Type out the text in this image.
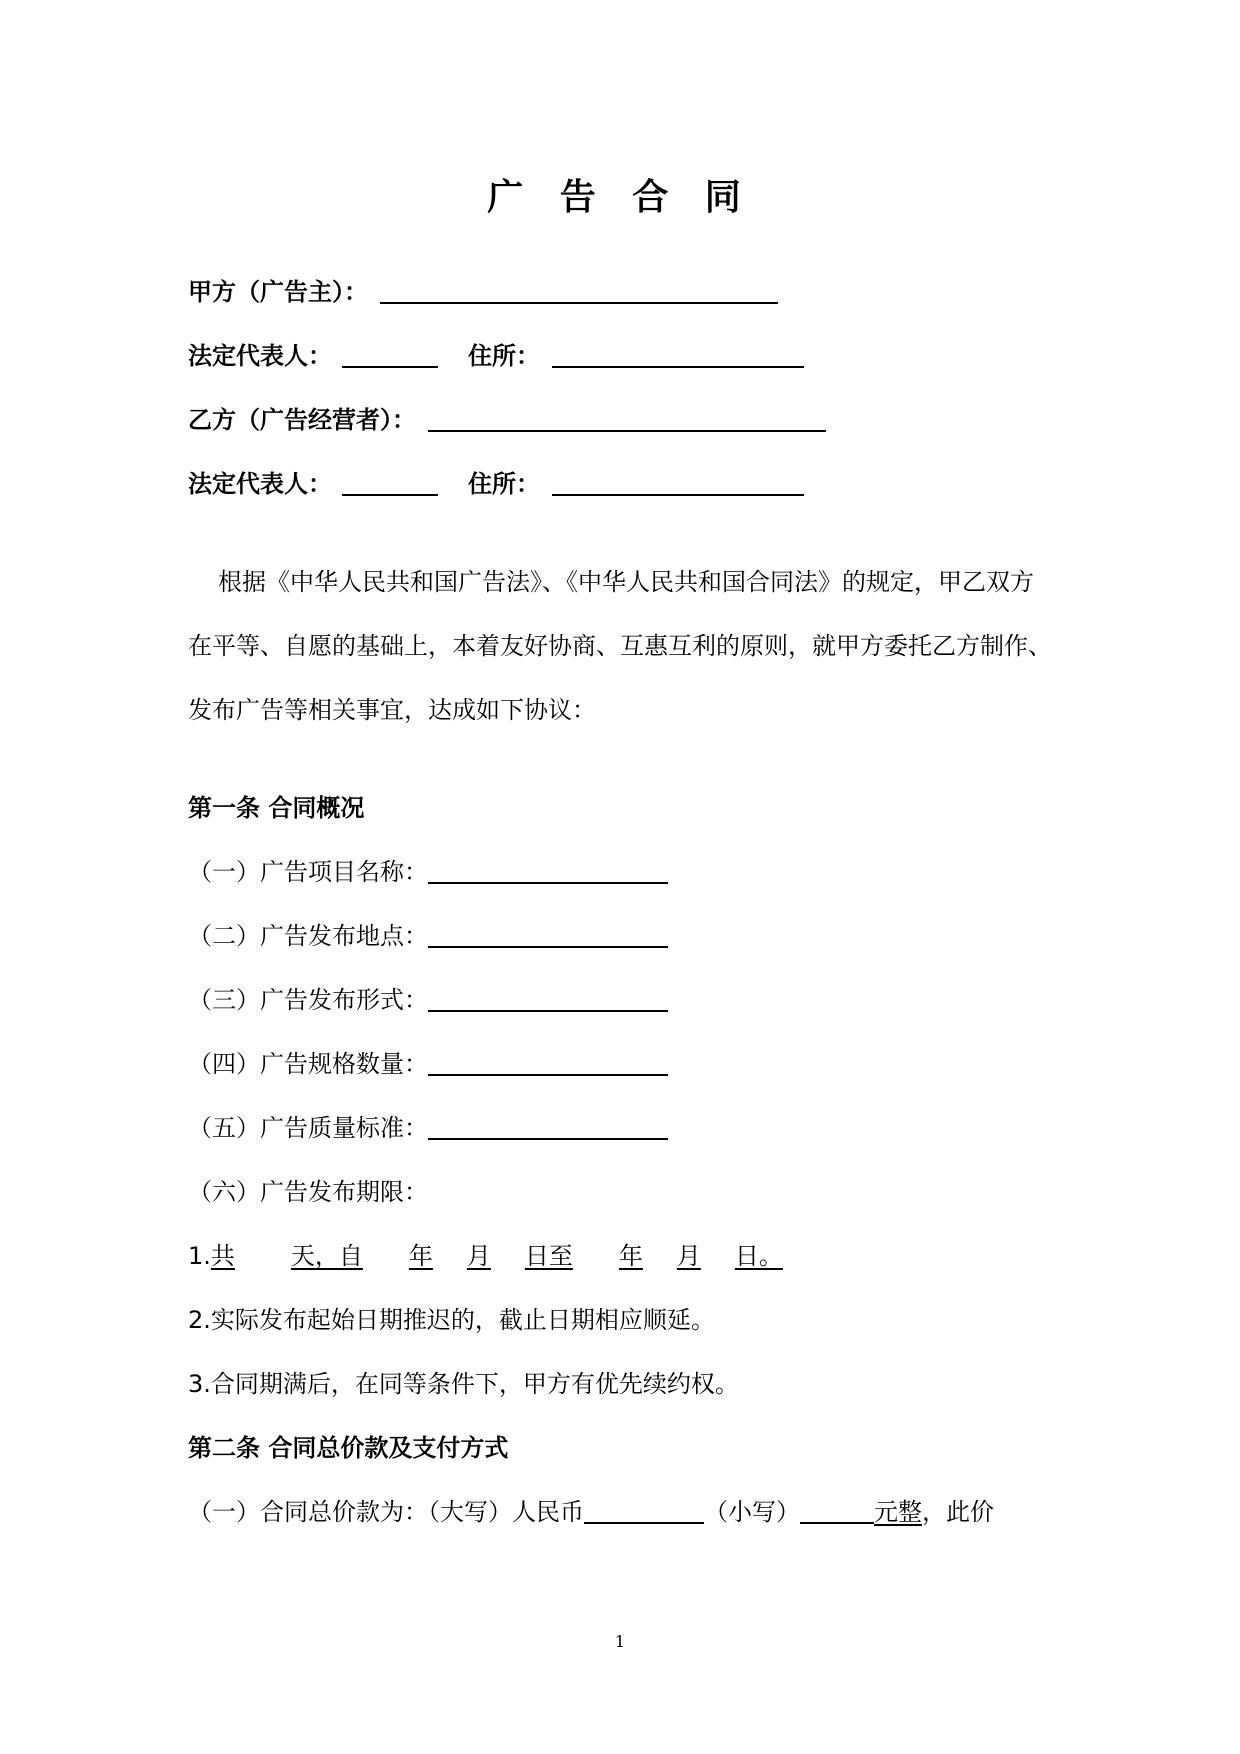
广 告 合 同
甲方（广告主）：
法定代表人：	住所：
乙方（广告经营者）：
法定代表人：	住所：
根据《中华人民共和国广告法》、《中华人民共和国合同法》的规定，甲乙双方
在平等、自愿的基础上，本着友好协商、互惠互利的原则，就甲方委托乙方制作、
发布广告等相关事宜，达成如下协议：
第一条 合同概况
（一）广告项目名称：
（二）广告发布地点：
（三）广告发布形式：
（四）广告规格数量：
（五）广告质量标准：
（六）广告发布期限：
1.共 天，自 年 月 日至 年 月 日。
2.实际发布起始日期推迟的，截止日期相应顺延。
3.合同期满后，在同等条件下，甲方有优先续约权。
第二条 合同总价款及支付方式
（一）合同总价款为：（大写）人民币	（小写）	元整，此价
1
